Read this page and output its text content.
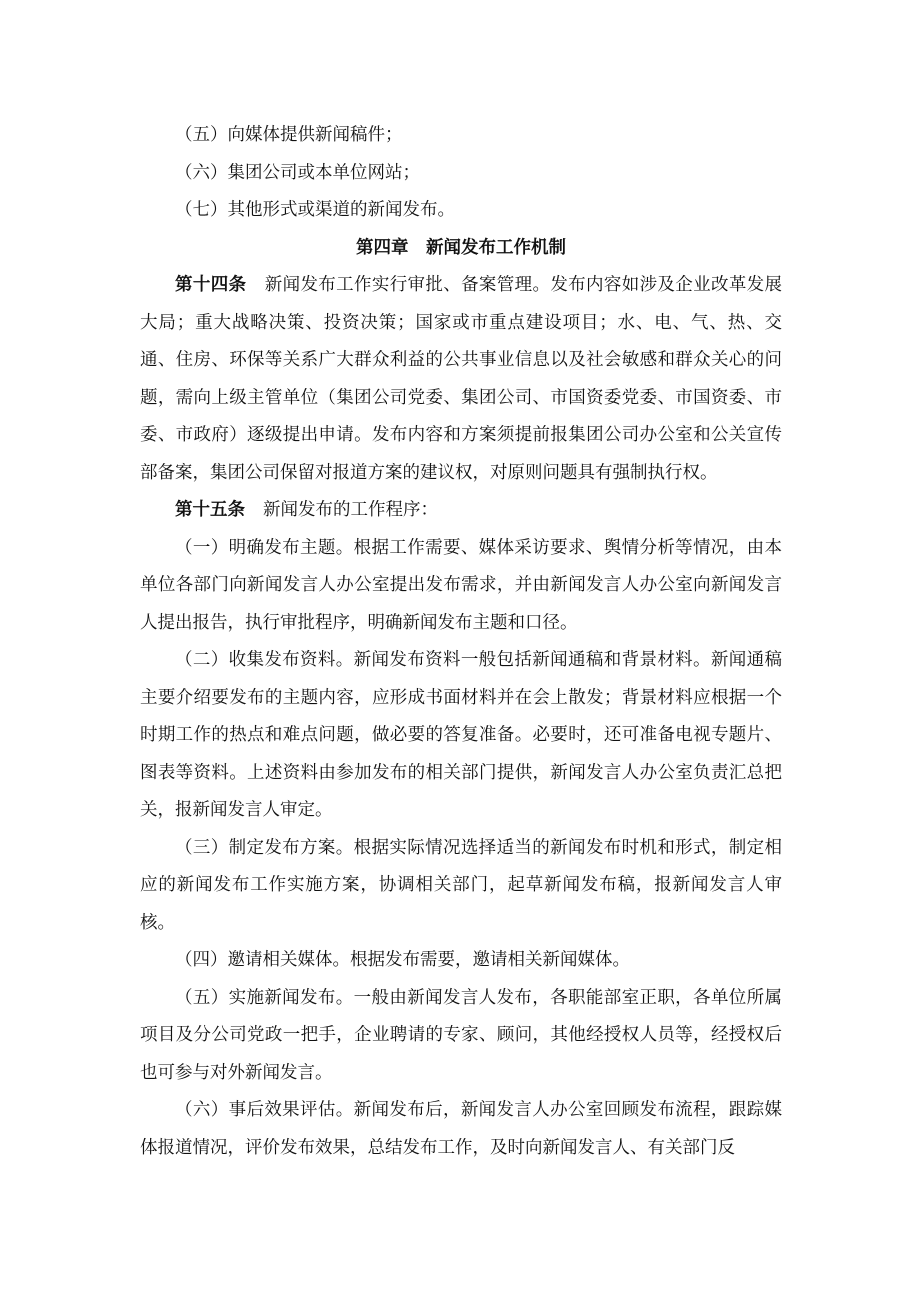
（五）向媒体提供新闻稿件；
（六）集团公司或本单位网站；
（七）其他形式或渠道的新闻发布。
第四章　新闻发布工作机制

第十四条 新闻发布工作实行审批、备案管理。发布内容如涉及企业改革发展大局；重大战略决策、投资决策；国家或市重点建设项目；水、电、气、热、交通、住房、环保等关系广大群众利益的公共事业信息以及社会敏感和群众关心的问题，需向上级主管单位（集团公司党委、集团公司、市国资委党委、市国资委、市委、市政府）逐级提出申请。发布内容和方案须提前报集团公司办公室和公关宣传部备案，集团公司保留对报道方案的建议权，对原则问题具有强制执行权。

第十五条 新闻发布的工作程序：

（一）明确发布主题。根据工作需要、媒体采访要求、舆情分析等情况，由本单位各部门向新闻发言人办公室提出发布需求，并由新闻发言人办公室向新闻发言人提出报告，执行审批程序，明确新闻发布主题和口径。

（二）收集发布资料。新闻发布资料一般包括新闻通稿和背景材料。新闻通稿主要介绍要发布的主题内容，应形成书面材料并在会上散发；背景材料应根据一个时期工作的热点和难点问题，做必要的答复准备。必要时，还可准备电视专题片、图表等资料。上述资料由参加发布的相关部门提供，新闻发言人办公室负责汇总把关，报新闻发言人审定。

（三）制定发布方案。根据实际情况选择适当的新闻发布时机和形式，制定相应的新闻发布工作实施方案，协调相关部门，起草新闻发布稿，报新闻发言人审核。

（四）邀请相关媒体。根据发布需要，邀请相关新闻媒体。

（五）实施新闻发布。一般由新闻发言人发布，各职能部室正职，各单位所属项目及分公司党政一把手，企业聘请的专家、顾问，其他经授权人员等，经授权后也可参与对外新闻发言。

（六）事后效果评估。新闻发布后，新闻发言人办公室回顾发布流程，跟踪媒体报道情况，评价发布效果，总结发布工作，及时向新闻发言人、有关部门反
